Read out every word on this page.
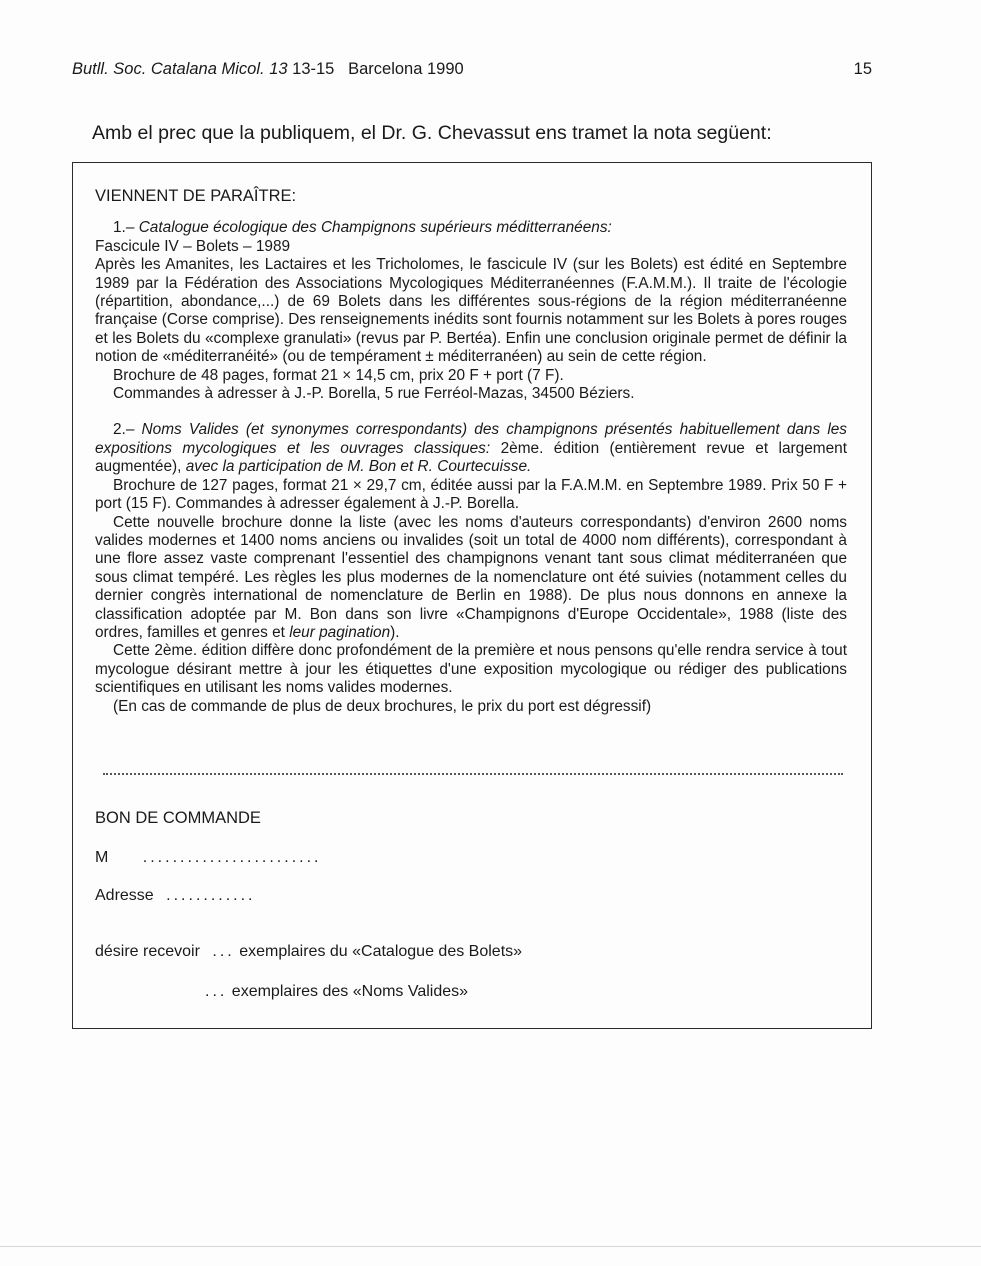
Butll. Soc. Catalana Micol. 13 13-15   Barcelona 1990	15
Amb el prec que la publiquem, el Dr. G. Chevassut ens tramet la nota següent:

VIENNENT DE PARAÎTRE:

1.– Catalogue écologique des Champignons supérieurs méditterranéens:

Fascicule IV – Bolets – 1989

Après les Amanites, les Lactaires et les Tricholomes, le fascicule IV (sur les Bolets) est édité en Septembre 1989 par la Fédération des Associations Mycologiques Méditerranéennes (F.A.M.M.). Il traite de l'écologie (répartition, abondance,...) de 69 Bolets dans les différentes sous-régions de la région méditerranéenne française (Corse comprise). Des renseignements inédits sont fournis notamment sur les Bolets à pores rouges et les Bolets du «complexe granulati» (revus par P. Bertéa). Enfin une conclusion originale permet de définir la notion de «méditerranéité» (ou de tempérament ± méditerranéen) au sein de cette région.

Brochure de 48 pages, format 21 × 14,5 cm, prix 20 F + port (7 F).

Commandes à adresser à J.-P. Borella, 5 rue Ferréol-Mazas, 34500 Béziers.

2.– Noms Valides (et synonymes correspondants) des champignons présentés habituellement dans les expositions mycologiques et les ouvrages classiques: 2ème. édition (entièrement revue et largement augmentée), avec la participation de M. Bon et R. Courtecuisse.

Brochure de 127 pages, format 21 × 29,7 cm, éditée aussi par la F.A.M.M. en Septembre 1989. Prix 50 F + port (15 F). Commandes à adresser également à J.-P. Borella.

Cette nouvelle brochure donne la liste (avec les noms d'auteurs correspondants) d'environ 2600 noms valides modernes et 1400 noms anciens ou invalides (soit un total de 4000 nom différents), correspondant à une flore assez vaste comprenant l'essentiel des champignons venant tant sous climat méditerranéen que sous climat tempéré. Les règles les plus modernes de la nomenclature ont été suivies (notamment celles du dernier congrès international de nomenclature de Berlin en 1988). De plus nous donnons en annexe la classification adoptée par M. Bon dans son livre «Champignons d'Europe Occidentale», 1988 (liste des ordres, familles et genres et leur pagination).

Cette 2ème. édition diffère donc profondément de la première et nous pensons qu'elle rendra service à tout mycologue désirant mettre à jour les étiquettes d'une exposition mycologique ou rédiger des publications scientifiques en utilisant les noms valides modernes.

(En cas de commande de plus de deux brochures, le prix du port est dégressif)

BON DE COMMANDE
M ........................
Adresse ............
désire recevoir ... exemplaires du «Catalogue des Bolets»
... exemplaires des «Noms Valides»
